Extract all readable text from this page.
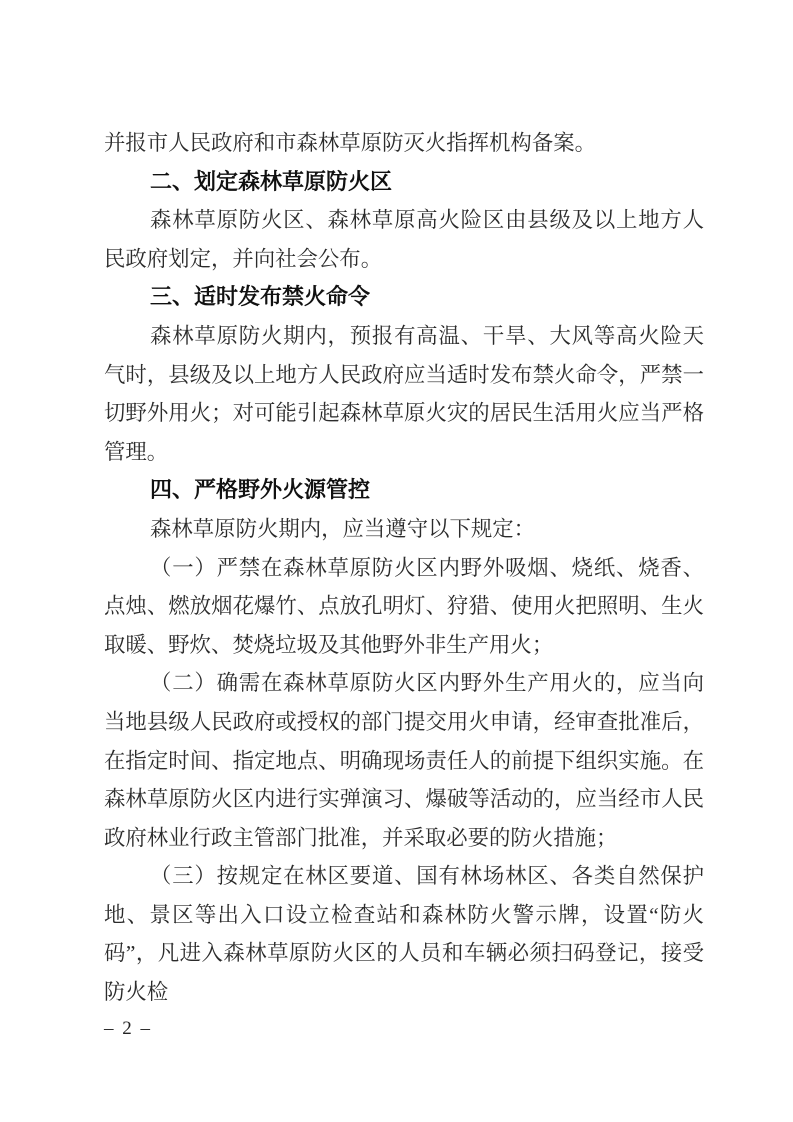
并报市人民政府和市森林草原防灭火指挥机构备案。

二、划定森林草原防火区

森林草原防火区、森林草原高火险区由县级及以上地方人民政府划定，并向社会公布。

三、适时发布禁火命令

森林草原防火期内，预报有高温、干旱、大风等高火险天气时，县级及以上地方人民政府应当适时发布禁火命令，严禁一切野外用火；对可能引起森林草原火灾的居民生活用火应当严格管理。

四、严格野外火源管控

森林草原防火期内，应当遵守以下规定：

（一）严禁在森林草原防火区内野外吸烟、烧纸、烧香、点烛、燃放烟花爆竹、点放孔明灯、狩猎、使用火把照明、生火取暖、野炊、焚烧垃圾及其他野外非生产用火；

（二）确需在森林草原防火区内野外生产用火的，应当向当地县级人民政府或授权的部门提交用火申请，经审查批准后，在指定时间、指定地点、明确现场责任人的前提下组织实施。在森林草原防火区内进行实弹演习、爆破等活动的，应当经市人民政府林业行政主管部门批准，并采取必要的防火措施；

（三）按规定在林区要道、国有林场林区、各类自然保护地、景区等出入口设立检查站和森林防火警示牌，设置“防火码”，凡进入森林草原防火区的人员和车辆必须扫码登记，接受防火检

– 2 –
